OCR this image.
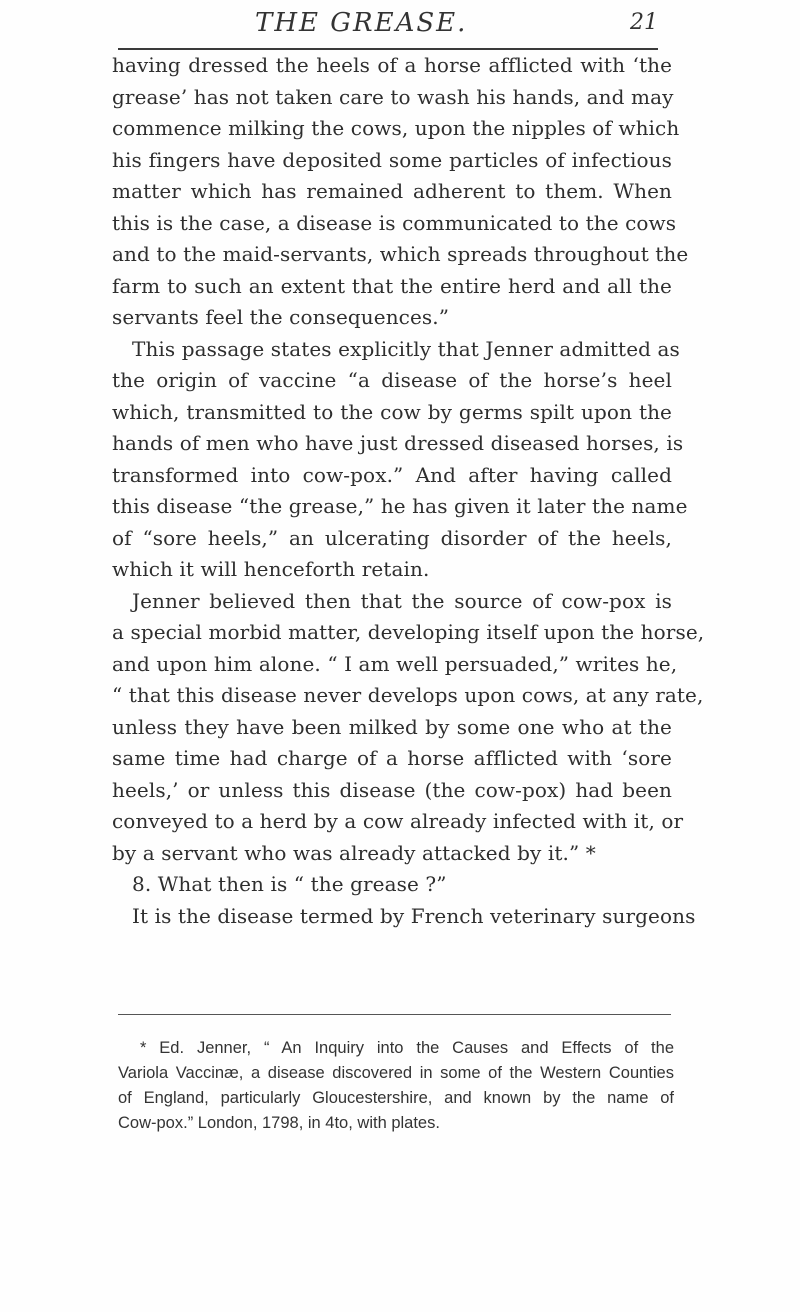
THE GREASE.	21
having dressed the heels of a horse afflicted with ‘the
grease’ has not taken care to wash his hands, and may
commence milking the cows, upon the nipples of which
his fingers have deposited some particles of infectious
matter which has remained adherent to them. When
this is the case, a disease is communicated to the cows
and to the maid-servants, which spreads throughout the
farm to such an extent that the entire herd and all the
servants feel the consequences.”
This passage states explicitly that Jenner admitted as
the origin of vaccine “a disease of the horse’s heel
which, transmitted to the cow by germs spilt upon the
hands of men who have just dressed diseased horses, is
transformed into cow-pox.” And after having called
this disease “the grease,” he has given it later the name
of “sore heels,” an ulcerating disorder of the heels,
which it will henceforth retain.
Jenner believed then that the source of cow-pox is
a special morbid matter, developing itself upon the horse,
and upon him alone. “ I am well persuaded,” writes he,
“ that this disease never develops upon cows, at any rate,
unless they have been milked by some one who at the
same time had charge of a horse afflicted with ‘sore
heels,’ or unless this disease (the cow-pox) had been
conveyed to a herd by a cow already infected with it, or
by a servant who was already attacked by it.” *
8. What then is “ the grease ?”
It is the disease termed by French veterinary surgeons
* Ed. Jenner, “ An Inquiry into the Causes and Effects of the
Variola Vaccinæ, a disease discovered in some of the Western Counties
of England, particularly Gloucestershire, and known by the name of
Cow-pox.” London, 1798, in 4to, with plates.
